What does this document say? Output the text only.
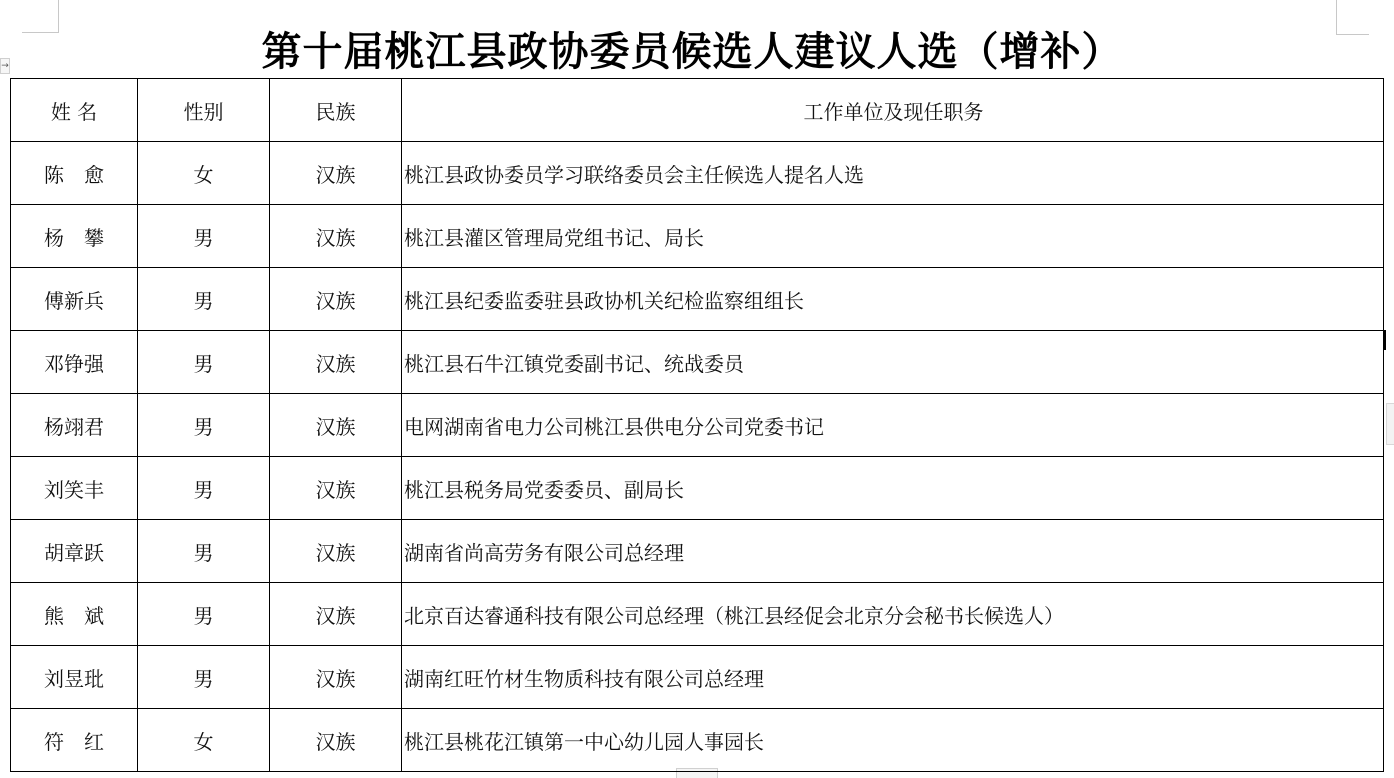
→	第十届桃江县政协委员候选人建议人选（增补）
姓 名	性别	民族	工作单位及现任职务
陈　愈	女	汉族	桃江县政协委员学习联络委员会主任候选人提名人选
杨　攀	男	汉族	桃江县灌区管理局党组书记、局长
傅新兵	男	汉族	桃江县纪委监委驻县政协机关纪检监察组组长
邓铮强	男	汉族	桃江县石牛江镇党委副书记、统战委员
杨翊君	男	汉族	电网湖南省电力公司桃江县供电分公司党委书记
刘笑丰	男	汉族	桃江县税务局党委委员、副局长
胡章跃	男	汉族	湖南省尚高劳务有限公司总经理
熊　斌	男	汉族	北京百达睿通科技有限公司总经理（桃江县经促会北京分会秘书长候选人）
刘昱玭	男	汉族	湖南红旺竹材生物质科技有限公司总经理
符　红	女	汉族	桃江县桃花江镇第一中心幼儿园人事园长
